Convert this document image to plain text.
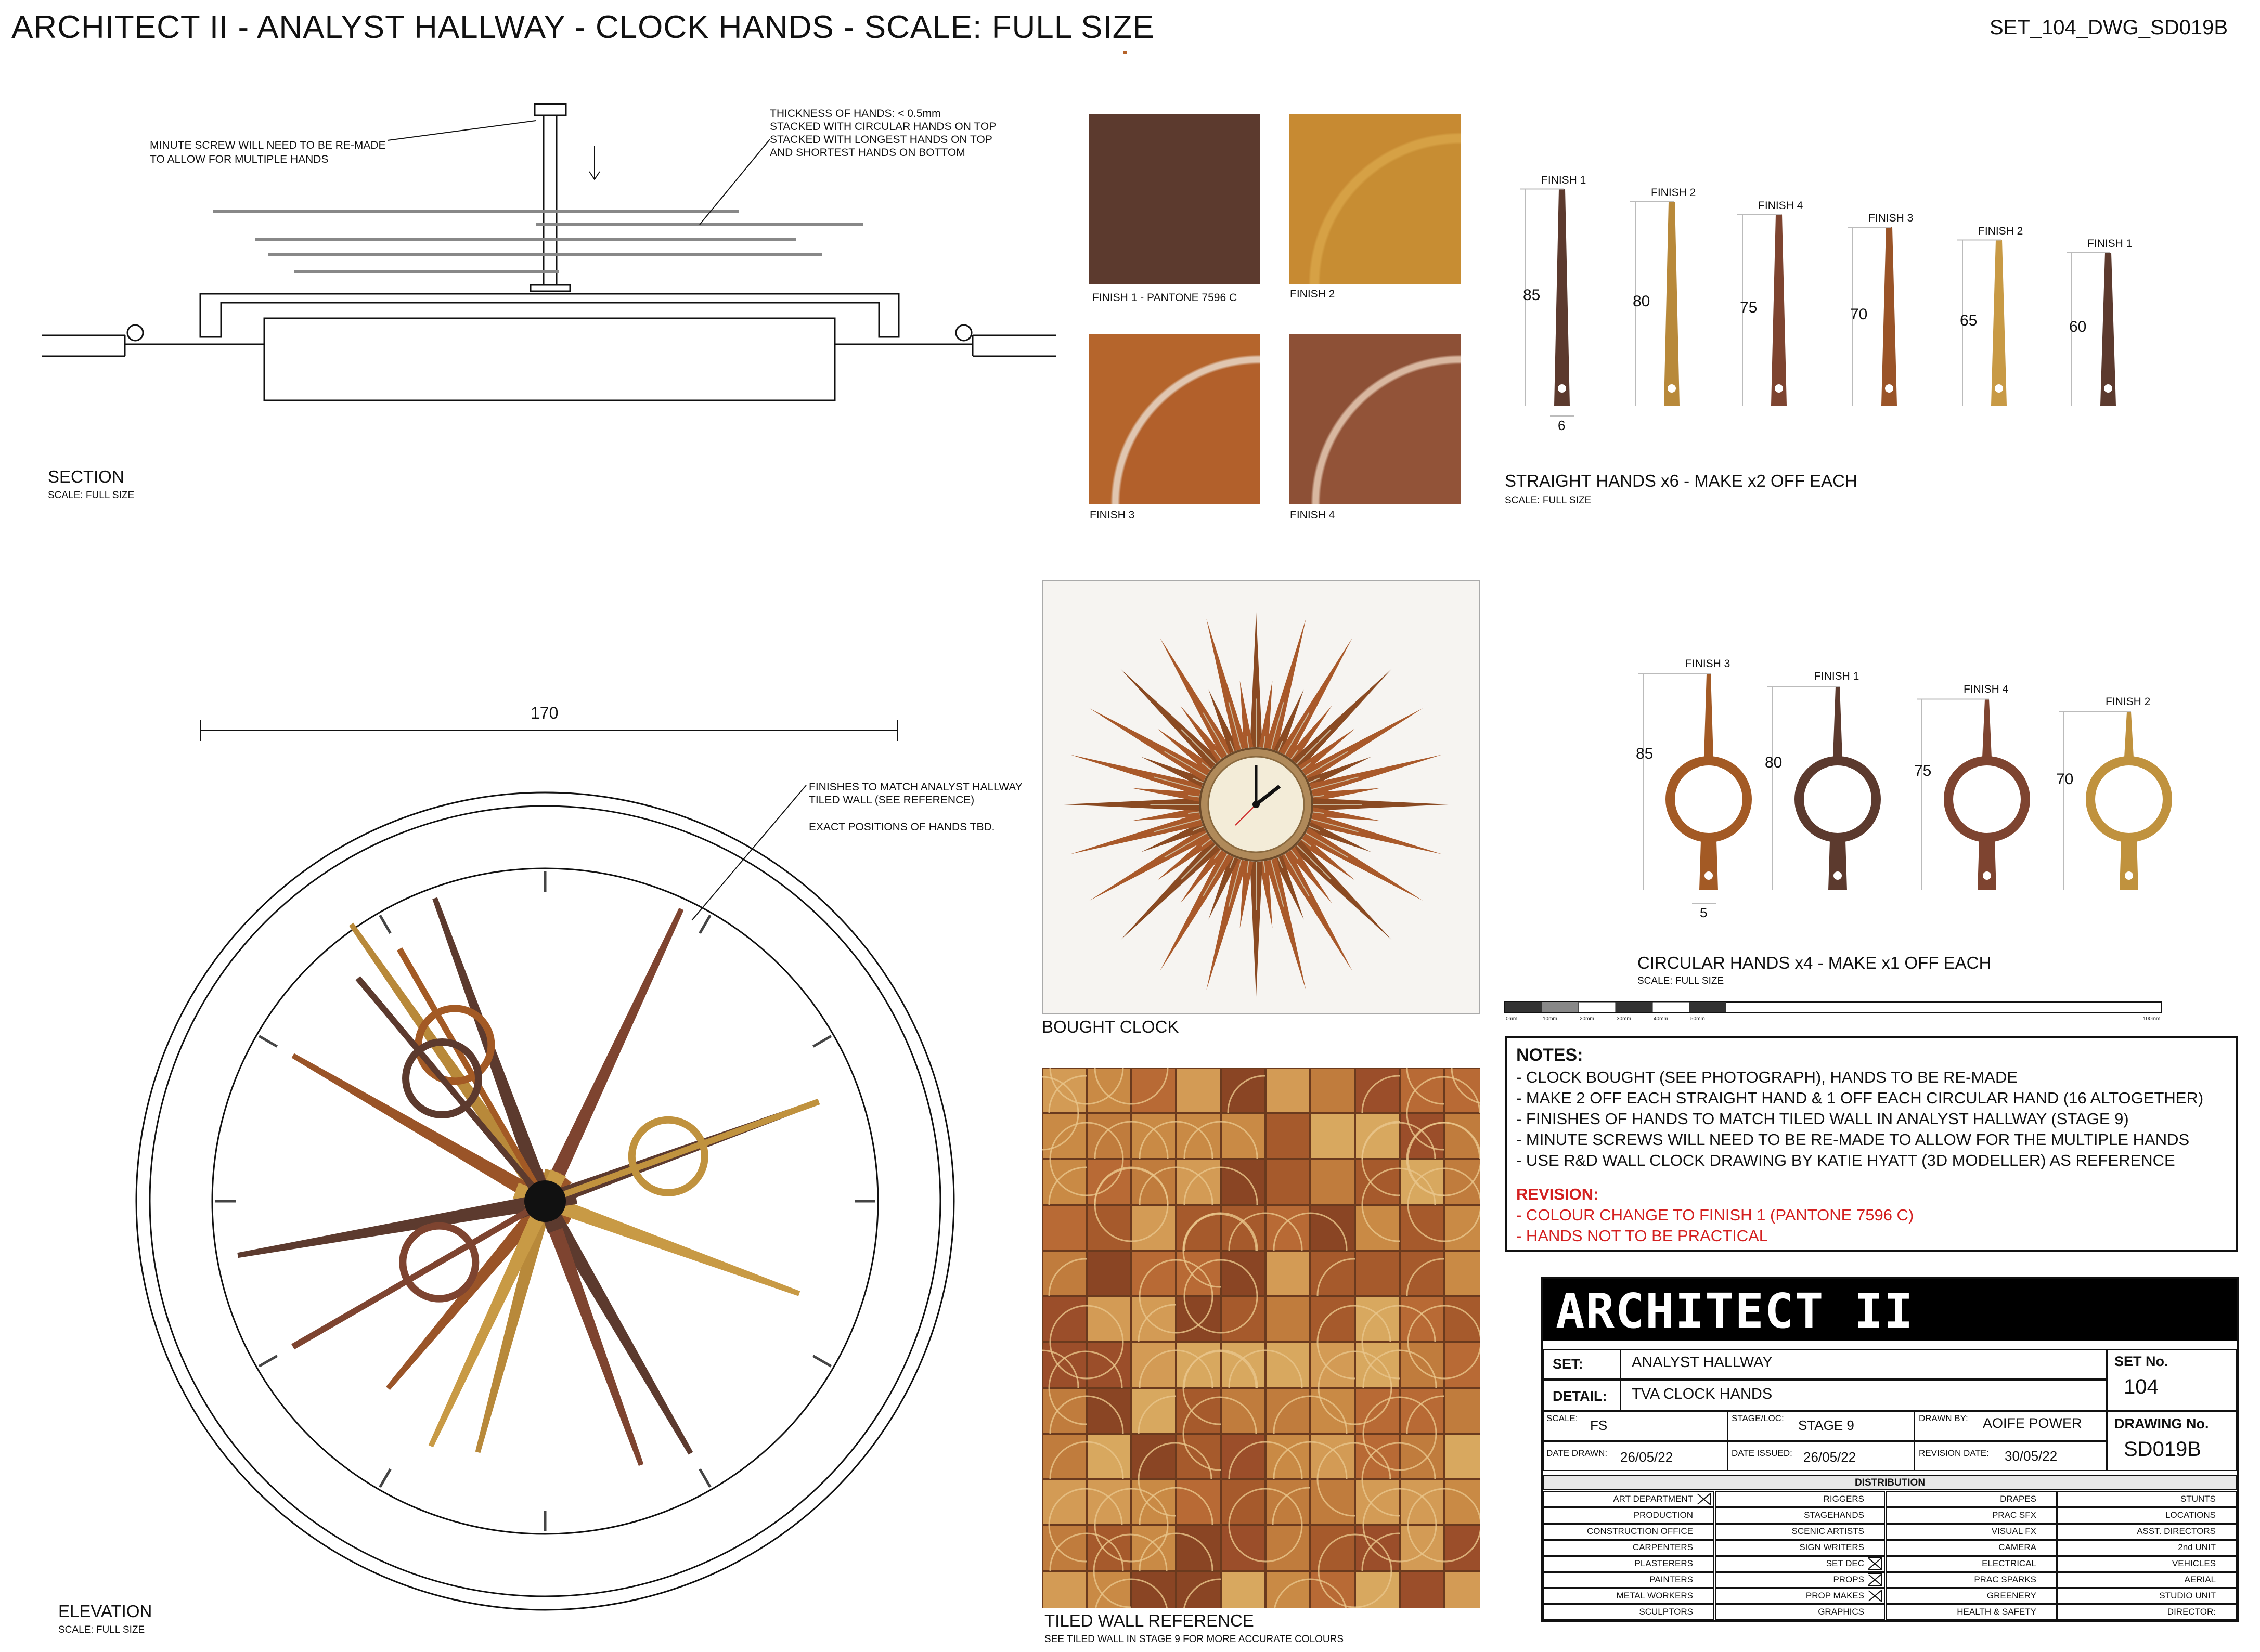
ARCHITECT II - ANALYST HALLWAY - CLOCK HANDS - SCALE: FULL SIZE	SET_104_DWG_SD019B
MINUTE SCREW WILL NEED TO BE RE-MADE
TO ALLOW FOR MULTIPLE HANDS
THICKNESS OF HANDS: < 0.5mm
STACKED WITH CIRCULAR HANDS ON TOP
STACKED WITH LONGEST HANDS ON TOP
AND SHORTEST HANDS ON BOTTOM
SECTION
SCALE: FULL SIZE
FINISH 1 - PANTONE 7596 C	FINISH 2
FINISH 3	FINISH 4
FINISH 1
85
FINISH 2
80
FINISH 4
75
FINISH 3
70
FINISH 2
65
FINISH 1
60
6
STRAIGHT HANDS x6 - MAKE x2 OFF EACH
SCALE: FULL SIZE
FINISH 3
85
FINISH 1
80
FINISH 4
75
FINISH 2
70
5
CIRCULAR HANDS x4 - MAKE x1 OFF EACH
SCALE: FULL SIZE
0mm	10mm	20mm	30mm	40mm	50mm	100mm
BOUGHT CLOCK
TILED WALL REFERENCE
SEE TILED WALL IN STAGE 9 FOR MORE ACCURATE COLOURS
170
FINISHES TO MATCH ANALYST HALLWAY
TILED WALL (SEE REFERENCE)
EXACT POSITIONS OF HANDS TBD.
ELEVATION
SCALE: FULL SIZE
NOTES:
- CLOCK BOUGHT (SEE PHOTOGRAPH), HANDS TO BE RE-MADE
- MAKE 2 OFF EACH STRAIGHT HAND & 1 OFF EACH CIRCULAR HAND (16 ALTOGETHER)
- FINISHES OF HANDS TO MATCH TILED WALL IN ANALYST HALLWAY (STAGE 9)
- MINUTE SCREWS WILL NEED TO BE RE-MADE TO ALLOW FOR THE MULTIPLE HANDS
- USE R&D WALL CLOCK DRAWING BY KATIE HYATT (3D MODELLER) AS REFERENCE
REVISION:
- COLOUR CHANGE TO FINISH 1 (PANTONE 7596 C)
- HANDS NOT TO BE PRACTICAL
ARCHITECT II
SET:	ANALYST HALLWAY
DETAIL: TVA CLOCK HANDS
SET No.
104
SCALE: FS	STAGE/LOC: STAGE 9	DRAWN BY: AOIFE POWER DRAWING No.
SD019B
DATE DRAWN: 26/05/22	DATE ISSUED: 26/05/22	REVISION DATE: 30/05/22
DISTRIBUTION
ART DEPARTMENT	RIGGERS	DRAPES	STUNTS
PRODUCTION	STAGEHANDS	PRAC SFX	LOCATIONS
CONSTRUCTION OFFICE	SCENIC ARTISTS	VISUAL FX	ASST. DIRECTORS
CARPENTERS	SIGN WRITERS	CAMERA	2nd UNIT
PLASTERERS	SET DEC	ELECTRICAL	VEHICLES
PAINTERS	PROPS	PRAC SPARKS	AERIAL
METAL WORKERS	PROP MAKES	GREENERY	STUDIO UNIT
SCULPTORS	GRAPHICS	HEALTH & SAFETY	DIRECTOR:
